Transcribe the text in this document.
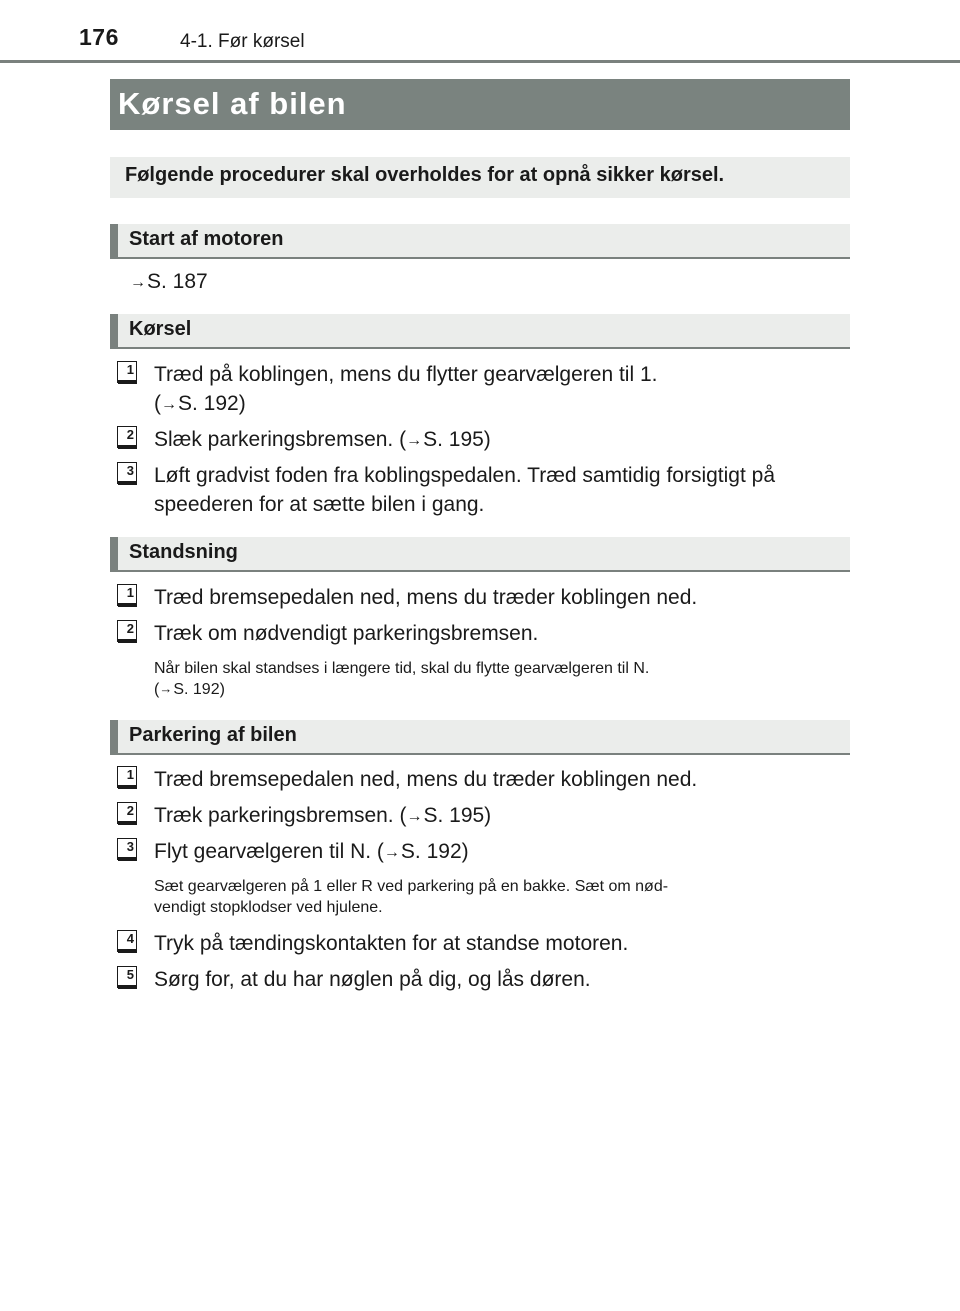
176	4-1. Før kørsel
Kørsel af bilen
Følgende procedurer skal overholdes for at opnå sikker kørsel.
Start af motoren
→S. 187
Kørsel
1 Træd på koblingen, mens du flytter gearvælgeren til 1.
(→S. 192)
2 Slæk parkeringsbremsen. (→S. 195)
3 Løft gradvist foden fra koblingspedalen. Træd samtidig forsigtigt på
speederen for at sætte bilen i gang.
Standsning
1 Træd bremsepedalen ned, mens du træder koblingen ned.
2 Træk om nødvendigt parkeringsbremsen.
Når bilen skal standses i længere tid, skal du flytte gearvælgeren til N.
(→S. 192)
Parkering af bilen
1 Træd bremsepedalen ned, mens du træder koblingen ned.
2 Træk parkeringsbremsen. (→S. 195)
3 Flyt gearvælgeren til N. (→S. 192)
Sæt gearvælgeren på 1 eller R ved parkering på en bakke. Sæt om nød-
vendigt stopklodser ved hjulene.
4 Tryk på tændingskontakten for at standse motoren.
5 Sørg for, at du har nøglen på dig, og lås døren.
